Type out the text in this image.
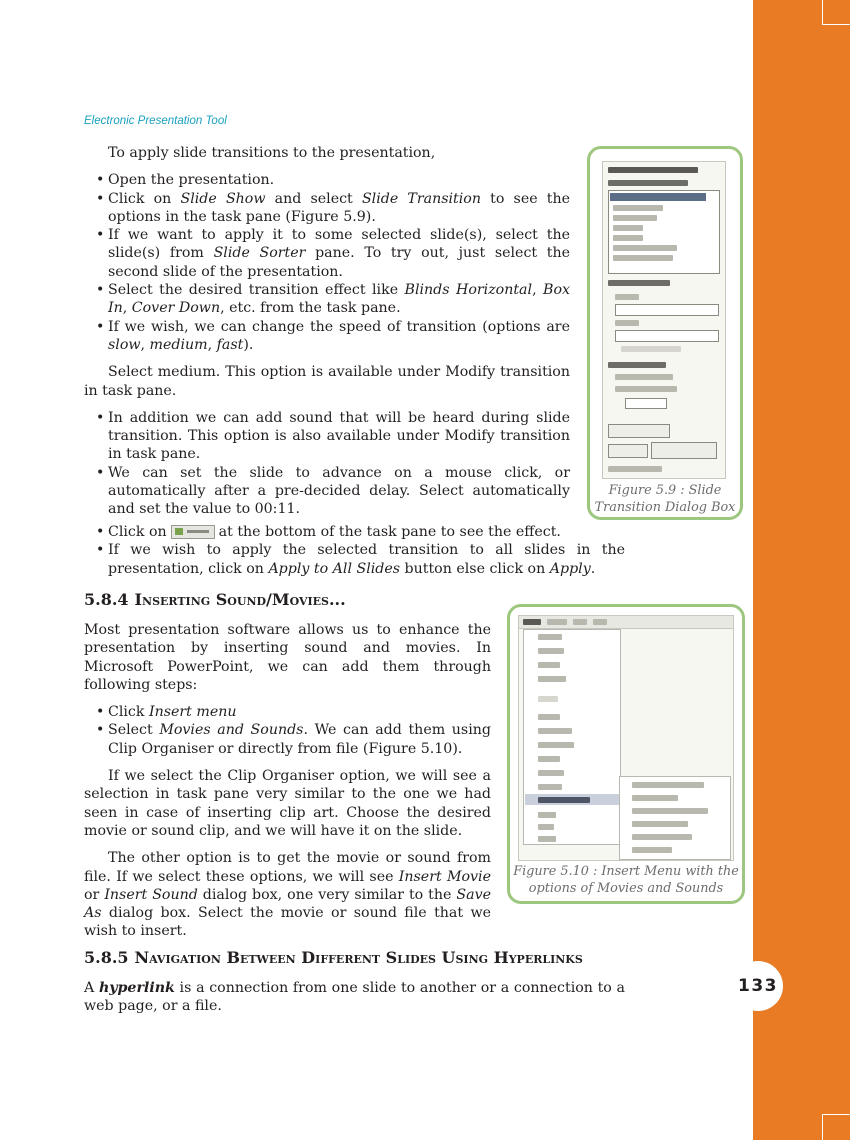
133
Electronic Presentation Tool

To apply slide transitions to the presentation,

• Open the presentation.
• Click on Slide Show and select Slide Transition to see the options in the task pane (Figure 5.9).
• If we want to apply it to some selected slide(s), select the slide(s) from Slide Sorter pane. To try out, just select the second slide of the presentation.
• Select the desired transition effect like Blinds Horizontal, Box In, Cover Down, etc. from the task pane.
• If we wish, we can change the speed of transition (options are slow, medium, fast).

Select medium. This option is available under Modify transition in task pane.

• In addition we can add sound that will be heard during slide transition. This option is also available under Modify transition in task pane.
• We can set the slide to advance on a mouse click, or automatically after a pre-decided delay. Select automatically and set the value to 00:11.
• Click on	at the bottom of the task pane to see the effect.
• If we wish to apply the selected transition to all slides in the presentation, click on Apply to All Slides button else click on Apply.
Figure 5.9 : Slide
Transition Dialog Box
5.8.4 Inserting Sound/Movies...

Most presentation software allows us to enhance the presentation by inserting sound and movies. In Microsoft PowerPoint, we can add them through following steps:

• Click Insert menu
• Select Movies and Sounds. We can add them using Clip Organiser or directly from file (Figure 5.10).

If we select the Clip Organiser option, we will see a selection in task pane very similar to the one we had seen in case of inserting clip art. Choose the desired movie or sound clip, and we will have it on the slide.

The other option is to get the movie or sound from file. If we select these options, we will see Insert Movie or Insert Sound dialog box, one very similar to the Save As dialog box. Select the movie or sound file that we wish to insert.

Figure 5.10 : Insert Menu with the
options of Movies and Sounds
5.8.5 Navigation Between Different Slides Using Hyperlinks

A hyperlink is a connection from one slide to another or a connection to a web page, or a file.
